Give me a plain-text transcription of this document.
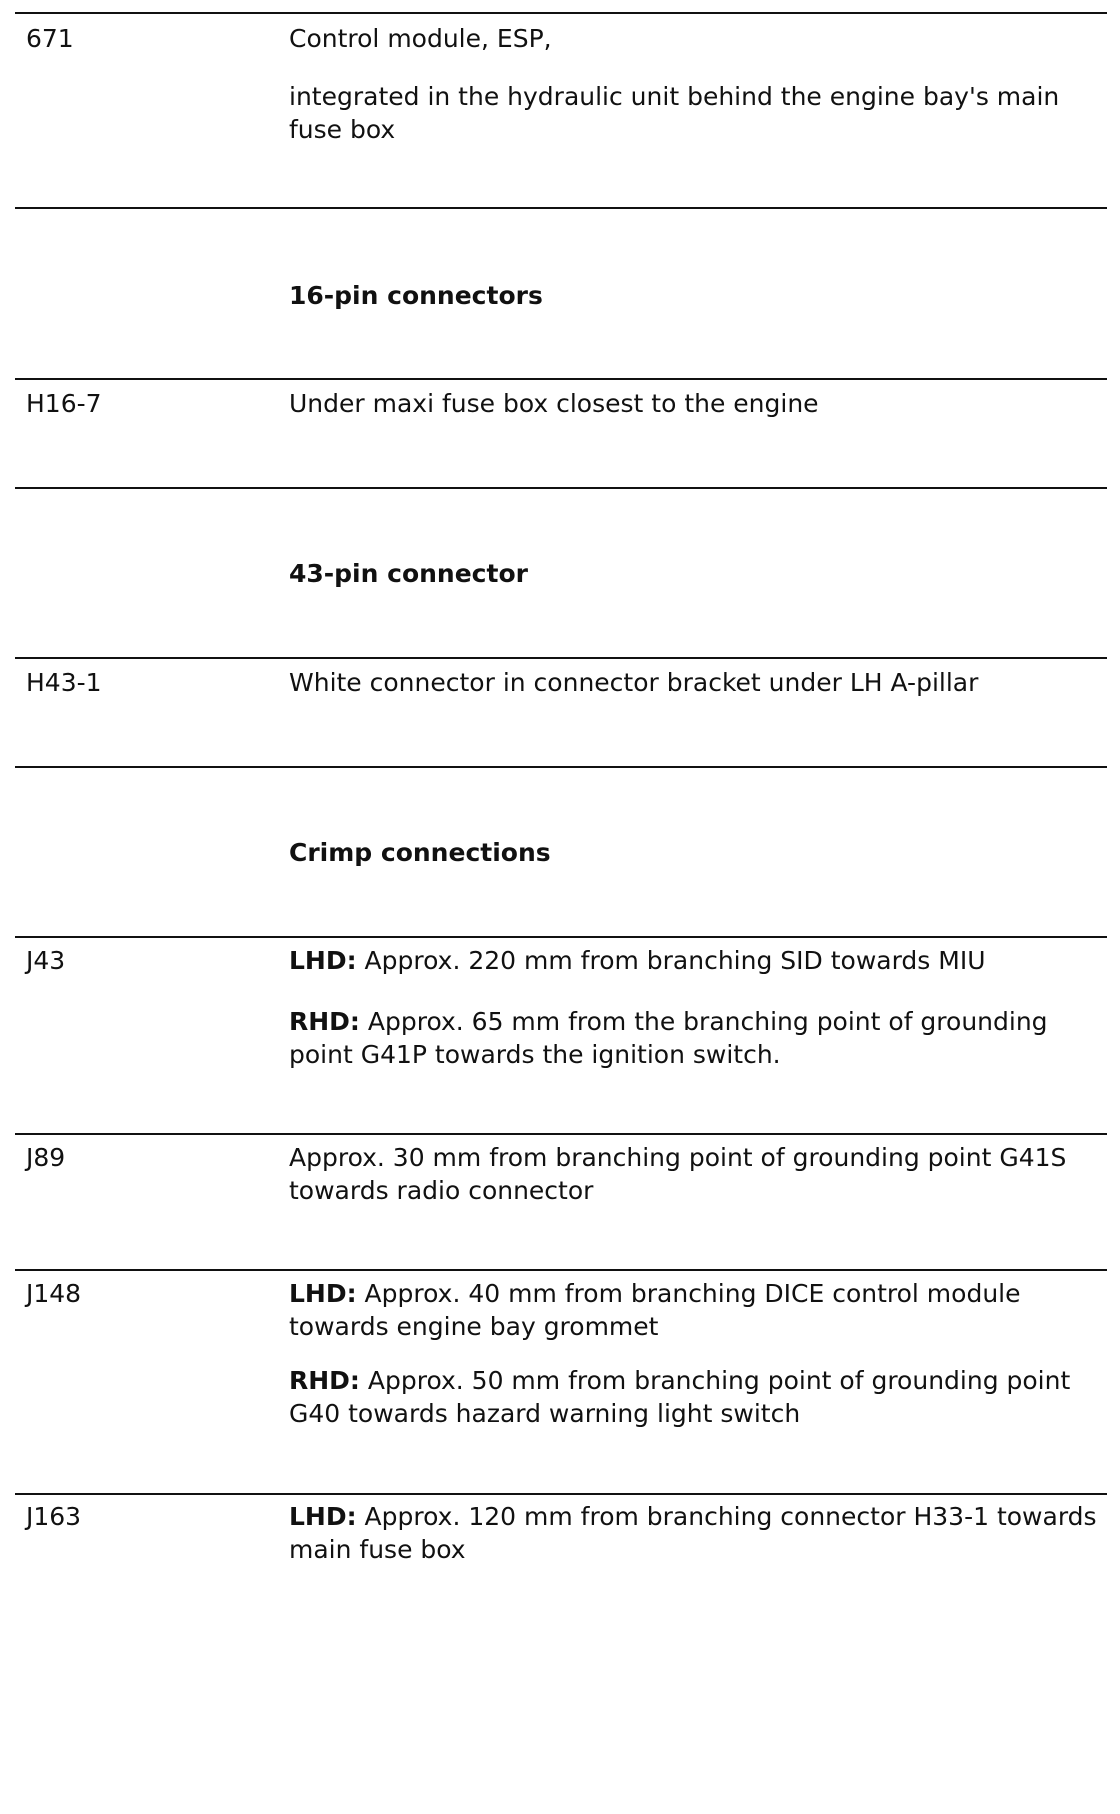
671	Control module, ESP,
integrated in the hydraulic unit behind the engine bay's main fuse box
16-pin connectors
H16-7	Under maxi fuse box closest to the engine
43-pin connector
H43-1	White connector in connector bracket under LH A-pillar
Crimp connections
J43	LHD: Approx. 220 mm from branching SID towards MIU
RHD: Approx. 65 mm from the branching point of grounding point G41P towards the ignition switch.
J89	Approx. 30 mm from branching point of grounding point G41S towards radio connector
J148	LHD: Approx. 40 mm from branching DICE control module towards engine bay grommet
RHD: Approx. 50 mm from branching point of grounding point G40 towards hazard warning light switch
J163	LHD: Approx. 120 mm from branching connector H33-1 towards main fuse box
